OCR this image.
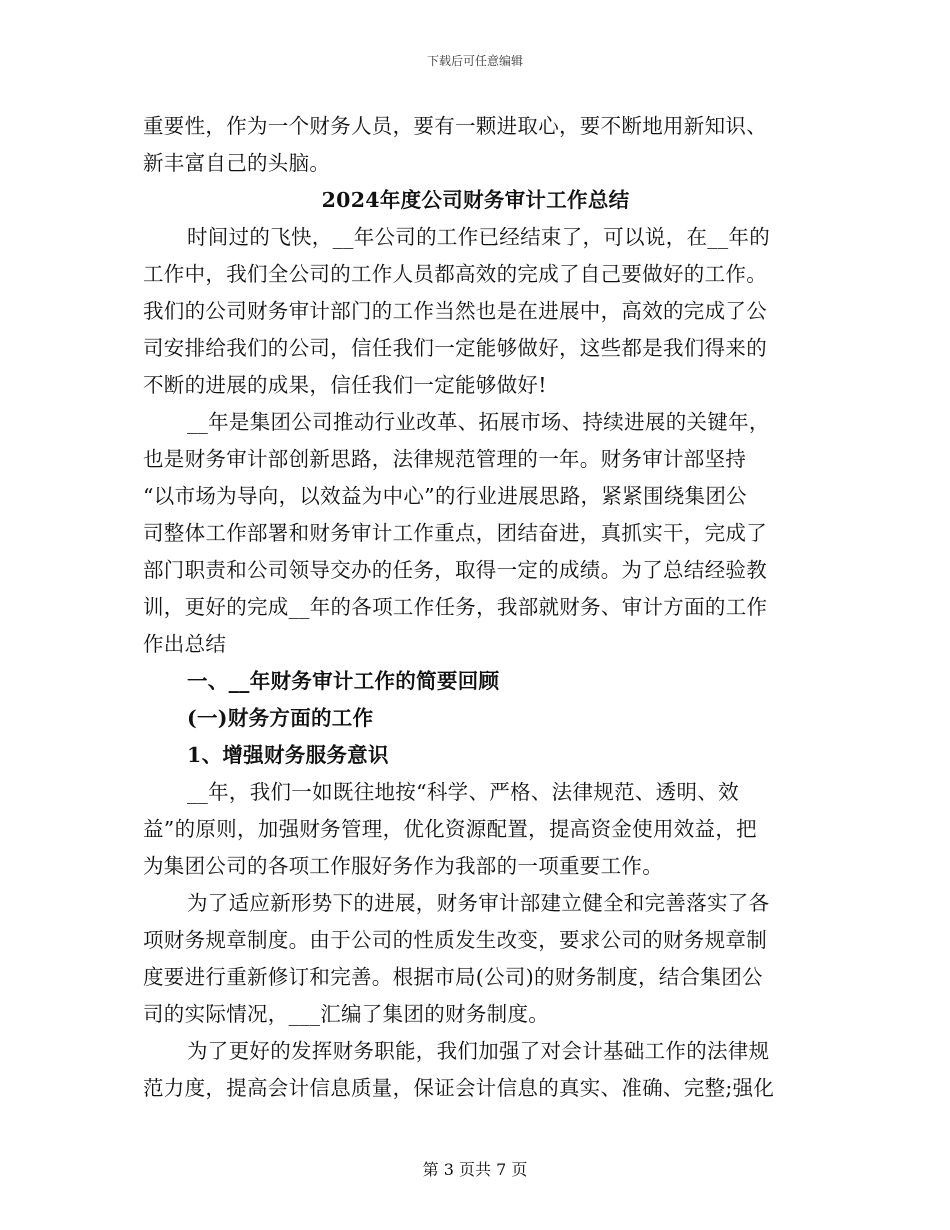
下载后可任意编辑
重要性，作为一个财务人员，要有一颗进取心，要不断地用新知识、
新丰富自己的头脑。
2024年度公司财务审计工作总结
时间过的飞快，__年公司的工作已经结束了，可以说，在__年的
工作中，我们全公司的工作人员都高效的完成了自己要做好的工作。
我们的公司财务审计部门的工作当然也是在进展中，高效的完成了公
司安排给我们的公司，信任我们一定能够做好，这些都是我们得来的
不断的进展的成果，信任我们一定能够做好!
__年是集团公司推动行业改革、拓展市场、持续进展的关键年，
也是财务审计部创新思路，法律规范管理的一年。财务审计部坚持
“以市场为导向，以效益为中心”的行业进展思路，紧紧围绕集团公
司整体工作部署和财务审计工作重点，团结奋进，真抓实干，完成了
部门职责和公司领导交办的任务，取得一定的成绩。为了总结经验教
训，更好的完成__年的各项工作任务，我部就财务、审计方面的工作
作出总结
一、__年财务审计工作的简要回顾
(一)财务方面的工作
1、增强财务服务意识
__年，我们一如既往地按“科学、严格、法律规范、透明、效
益”的原则，加强财务管理，优化资源配置，提高资金使用效益，把
为集团公司的各项工作服好务作为我部的一项重要工作。
为了适应新形势下的进展，财务审计部建立健全和完善落实了各
项财务规章制度。由于公司的性质发生改变，要求公司的财务规章制
度要进行重新修订和完善。根据市局(公司)的财务制度，结合集团公
司的实际情况，___汇编了集团的财务制度。
为了更好的发挥财务职能，我们加强了对会计基础工作的法律规
范力度，提高会计信息质量，保证会计信息的真实、准确、完整;强化
第 3 页共 7 页
